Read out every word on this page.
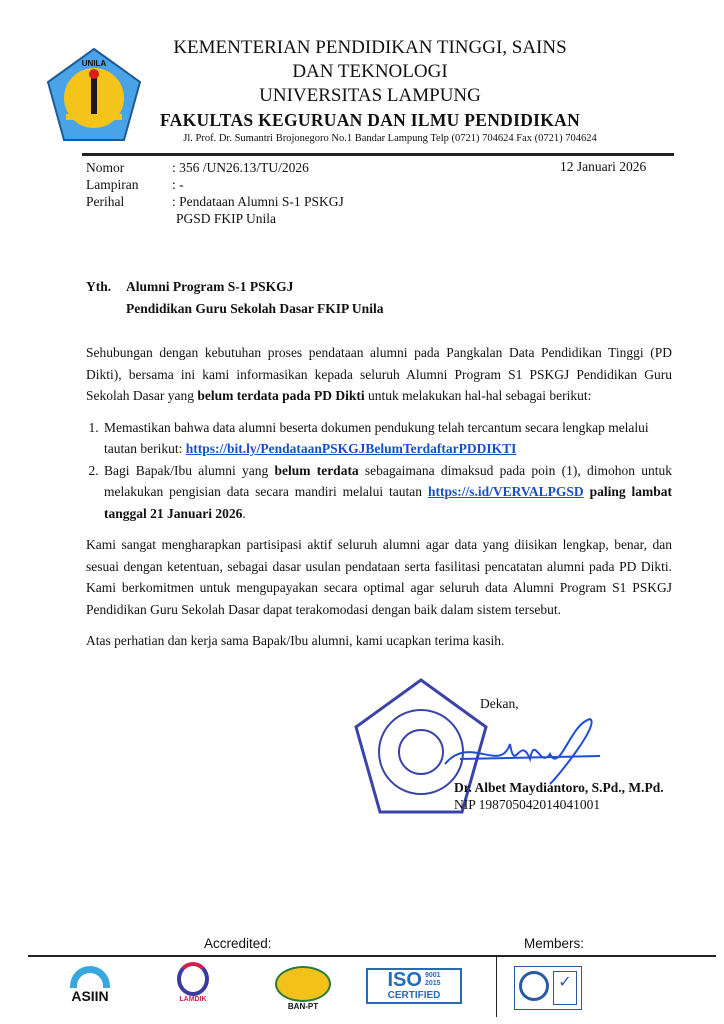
UNILA
KEMENTERIAN PENDIDIKAN TINGGI, SAINS
DAN TEKNOLOGI
UNIVERSITAS LAMPUNG
FAKULTAS KEGURUAN DAN ILMU PENDIDIKAN
Jl. Prof. Dr. Sumantri Brojonegoro No.1 Bandar Lampung Telp (0721) 704624 Fax (0721) 704624
Nomor	: 356 /UN26.13/TU/2026
Lampiran : -
Perihal	: Pendataan Alumni S-1 PSKGJ
PGSD FKIP Unila
12 Januari 2026
Yth. Alumni Program S-1 PSKGJ
Pendidikan Guru Sekolah Dasar FKIP Unila

Sehubungan dengan kebutuhan proses pendataan alumni pada Pangkalan Data Pendidikan Tinggi (PD Dikti), bersama ini kami informasikan kepada seluruh Alumni Program S1 PSKGJ Pendidikan Guru Sekolah Dasar yang belum terdata pada PD Dikti untuk melakukan hal-hal sebagai berikut:

1. Memastikan bahwa data alumni beserta dokumen pendukung telah tercantum secara lengkap melalui tautan berikut: https://bit.ly/PendataanPSKGJBelumTerdaftarPDDIKTI
2. Bagi Bapak/Ibu alumni yang belum terdata sebagaimana dimaksud pada poin (1), dimohon untuk melakukan pengisian data secara mandiri melalui tautan https://s.id/VERVALPGSD paling lambat tanggal 21 Januari 2026.

Kami sangat mengharapkan partisipasi aktif seluruh alumni agar data yang diisikan lengkap, benar, dan sesuai dengan ketentuan, sebagai dasar usulan pendataan serta fasilitasi pencatatan alumni pada PD Dikti. Kami berkomitmen untuk mengupayakan secara optimal agar seluruh data Alumni Program S1 PSKGJ Pendidikan Guru Sekolah Dasar dapat terakomodasi dengan baik dalam sistem tersebut.

Atas perhatian dan kerja sama Bapak/Ibu alumni, kami ucapkan terima kasih.

Dekan,
Dr. Albet Maydiantoro, S.Pd., M.Pd.
NIP 198705042014041001
Accredited:	Members:
ASIIN	LAMDIK
BAN-PT
ISO 9001
2015
CERTIFIED
✓
